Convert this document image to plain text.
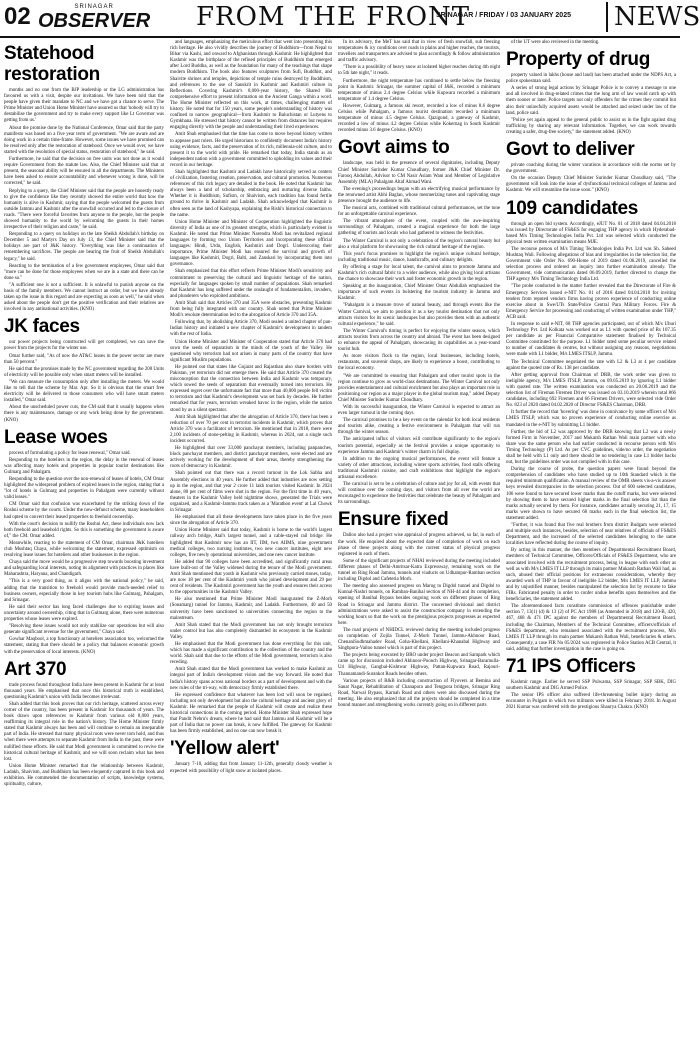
02	SRINAGAR
OBSERVER FROM THE FRONT
SRINAGAR / FRIDAY / 03 JANUARY 2025	NEWS
Statehood restoration

months and no one from the BJP leadership or the LG administration has favoured us with a visit, despite our invitations. We have been told that the people have given their mandate to NC and we have got a chance to serve. The Prime Minister and Union Home Minister have assured us that 'nobody will try to destabilise the government and try to make every support like Lt Governor was getting from us.'

About the promise done by the National Conference, Omar said that the party manifesto was based on a five year term of government. "We are aware and are doing work in a certain time-frame. However, some issues we have promised can be resolved only after the restoration of statehood. Once we would over, we have started with the resolution of special status, restoration of statehood," he said.

Furthermore, he said that the decision on free units was not done as it would require Government from the statute law. Also, the Chief Minister said that at present, the seasonal ability will be ensured in all the departments. The Ministers have been asked to ensure accountability and whenever wrong is done, will be corrected," he said.

Replying to a query, the Chief Minister said that the people are honestly ready to give the confidence like they recently showed the entire world that how the humanity is alive in Kashmir, saying that the people welcomed the guests from outside Jammu and Kashmir after the snowfall occurred and led to the closure of roads. "There were forceful favorites from anyone to the people, but the people showed humanity to the world by welcoming the guests in their homes irrespective of their religion and caste," he said.

Responding to a query on holidays on the late Sheikh Abdullah's birthday on December 5 and Martyrs Day on July 13, the Chief Minister said that the holidays are part of J&K history. "Everything was like a continuation of remembering sacrifices. The people are bearing the fruit of Sheikh Abdullah's legacy," he said.

Reacting to the termination of a few government employees, Omar said that "more can be done for those employees when we are in a state and there can be done so."

"A sufficient one is not a sufficient. It is unlawful to punish anyone on the basis of the family members. We cannot instruct an order, but we have already taken up the issue in this regard and are expecting as soon as well," he said when asked about the people don't get the positive verification and their relatives are involved in any antinational activities. (KNO)

JK faces

our power projects being constructed will get completed, we can save the power from the projects for the winter use.

Omar further said, "As of now the AT&C losses in the power sector are more than 50 percent."

He said that the promises made by the NC government regarding the 200 Units of electricity will be possible only when smart meters will be installed.

"We can measure the consumption only after installing the meters. We would like to tell that the scheme by Mar. Apr. So it is obvious that the smart free electricity will be delivered to those consumers who will have smart meters installed," Omar said.

About the unscheduled power cuts, the CM said that it usually happens when there is any maintenance, damage or any work being done by the government. (KNO)

Lease woes

process of formulating a policy for lease renewal," Omar said.

Responding to the hoteliers in the region, the delay in the renewal of leases was affecting many hotels and properties in popular tourist destinations like Gulmarg and Pahalgam.

Responding to the question over the non-renewal of leases of hotels, CM Omar highlighted the widespread problem of expired leases in the region, stating that a "lot of hotels in Gulmarg and properties in Pahalgam were currently without valid leases."

CM Omar said that confusion was exacerbated by the striking down of the Roshni scheme by the courts. Under the now-defunct scheme, many leaseholders had opted to convert their leased properties to freehold ownership.

With the court's decision to nullify the Roshni Act, these individuals now lack both freehold and leasehold rights. So this is something the government is aware of," the CM. Omar added.

Meanwhile, reacting to the statement of CM Omar, chairman J&K hoteliers club Mushtaq Chaya, while welcoming the statement, expressed optimism on resolving lease issues for hoteliers and other businesses in the region.

Chaya said the move would be a progressive step towards boosting investment and safeguarding local interests, noting its alignment with practices in places like Maharashtra, Haryana, and Chandigarh.

"This is a very good thing, as it aligns with the national policy," he said, adding that the transition to freehold would provide much-needed relief to business owners, especially those in key tourism hubs like Gulmarg, Pahalgam, and Srinagar.

He said their sector has long faced challenges due to expiring leases and uncertainty around ownership, citing that in Gulmarg alone, there were numerous properties whose leases were expired.

"Resolving these issues would not only stabilize our operations but will also generate significant revenue for the government," Chaya said.

Gowhar Maqbool, a top functionary at hoteliers association too, welcomed the statement, stating that there should be a policy that balances economic growth with the preservation of local interests. (KNO)

Art 370

trade process found throughout India have been present in Kashmir for at least thousand years. He emphasised that once this historical truth is established, questioning Kashmir's union with India becomes irrelevant.

Shah added that this book proves that our rich heritage, scattered across every corner of the country, has been present in Kashmir for thousands of years. The book draws upon references to Kashmir from various old 8,000 years, reaffirming its integral role in the nation's history. The Home Minister firmly stated that Kashmir always has been and will continue to remain an inseparable part of India. He stressed that many physical roots were never tom hold, and thus when there were attempts to separate Kashmir from India in the past, these were nullified those efforts. He said that Modi government is committed to revive the historical cultural heritage of Kashmir, and we will soon reclaim what has been lost.

Union Home Minister remarked that the relationship between Kashmir, Ladakh, Shaivism, and Buddhism has been eloquently captured in this book and exhibition. He commended the documentation of scripts, knowledge systems, spirituality, culture,

and languages, emphasizing the meticulous effort that went into presenting this rich heritage. He also vividly describes the journey of Buddhism—from Nepal to Bihar via Kashi, and onward to Afghanistan through Kashmir. He highlighted that Kashmir was the birthplace of the refined principles of Buddhism that emerged after Lord Buddha, as well as the foundation for many of the teachings that shape modern Buddhism. The book also features sculptures from Sufi, Buddhist, and Shaivite shrines and temples, depictions of temple ruins destroyed by Buddhism, and references to the use of Sanskrit in Kashmir and Kashmiri culture in Reflections. Covering Kashmir's 8,000-year history, the Shared His comprehensive effort to present information on the Ancient Ganga within a word. The Home Minister reflected on this work, at times, challenging matters of history. He noted that for 150 years, some people's understanding of history was confined to narrow geographical—from Kashmir to Baluchistan or Lutyens to Gymkhana. He stressed that history cannot be written from distances but requires engaging directly with the people and understanding their lived experiences.

Amit Shah emphasised that the time has come to move beyond history written to appease past rulers. He urged historians to confidently document India's history using evidence, facts, and the preservation of its rich, millennia-old culture, and to present it to the world with pride. He remarked that today, India stands as an independent nation with a government committed to upholding its values and their record in our heritage.

Shah highlighted that Kashmir and Ladakh have historically served as centers of civilization, fostering creation, preservation, and cultural promotion. Numerous references of this rich legacy are detailed in the book. He noted that Kashmir has always been a land of scholarship, embracing and nurturing diverse faiths. Whether it is Buddhism, Sufism, or Shaivism, each tradition has found fertile ground to thrive in Kashmir and Ladakh. Shah acknowledged that Kashmir is often seen as the land of Kashyapa, explaining the Rishi's historical connection to the name.

Union Home Minister and Minister of Cooperation highlighted the linguistic diversity of India as one of its greatest strengths, which is particularly evident in Kashmir. He noted that Prime Minister Narendra Modi has revitalized regional languages by forming two Union Territories and incorporating these official languages: Hindi, Urdu, English, Kashmiri and Dogri. Underscoring their importance, Prime Minister Modi has ensured the survival and growth of languages like Kashmiri, Dogri, Balti, and Zanskari by incorporating them into governance.

Shah emphasized that this effort reflects Prime Minister Modi's sensitivity and commitment to preserving the cultural and linguistic heritage of the nation, especially for languages spoken by small number of populations. Shah remarked that Kashmir has long suffered under the onslaught of fundamentalists, invaders, and plunderers who exploited ambitions.

Amit Shah said that Articles 370 and 35A were obstacles, preventing Kashmir from being fully integrated with our country. Shah noted that Prime Minister Modi's resolute determination led to the abrogation of Article 370 and 35A.

Following that, by abolishing Article 370, Modi sealed a united chapter of pan-Indian history and initiated a new chapter of Kashmir's development in tandem with the rest of India.

Union Home Minister and Minister of Cooperation stated that Article 370 had sown the seeds of separatism in the minds of the youth of the Valley. He questioned why terrorism had not arisen in many parts of the country that have significant Muslim populations.

He pointed out that states like Gujarat and Rajasthan also share borders with Pakistan, yet terrorism did not emerge there. He said that Article 370 created the misconception that the connection between India and Kashmir was temporary, which sowed the seeds of separatism that eventually turned into terrorism. He expressed regret over the unfortunate fact that more than 40,000 people fell victim to terrorism and that Kashmir's development was set back by decades. He further remarked that for years, terrorism wreaked havoc in the region, while the nation stood by as a silent spectator.

Amit Shah highlighted that after the abrogation of Article 370, there has been a reduction of over 70 per cent in terrorist incidents in Kashmir, which proves that Article 370 was a facilitator of terrorism. He mentioned that in 2018, there were 2,100 incidents of stone-pelting in Kashmir, whereas in 2024, not a single such incident occurred.

He highlighted that over 33,000 panchayat members, including panpanches, block panchayat members, and district panchayat members, were elected and are actively working for the development of their areas, thereby strengthening the roots of democracy in Kashmir.

Shah pointed out that there was a record turnout in the Lok Sabha and Assembly elections in 40 years. He further added that industries are now setting up in the region, and that year 2 crore 11 lakh tourists visited Kashmir. In 2024 alone, 80 per cent of films were shot in the region. For the first time in 40 years, theaters in the Kashmir Valley held nighttime shows, generated the Trials were organized, and a Kashmir-Jammu track taken as a 'Marathon event' at Lal Chowk in Srinagar.

He emphasised that all these developments have taken place in the five years since the abrogation of Article 370.

Union Home Minister said that today, Kashmir is home to the world's largest railway arch bridge, Atal's largest tunnel, and a cable-stayed rail bridge. He highlighted that Kashmir now has an IIT, IIM, two AIIMS, nine government medical colleges, two nursing institutes, two new cancer institutes, eight new colleges, five newly operational universities, and one new cancer institute.

He added that 90 colleges have been accredited, and significantly rural areas have built-out of the Valley widened during the tenure of the Modi government. Amit Shah mentioned that youth in Kashmir who previously carried stones, today, are now 18 per cent of the Kashmiri youth who joined development and 29 per cent of residents. The Kashmiri government has the youth and ensures their access to the opportunities in the Kashmir Valley.

He also mentioned that Prime Minister Modi inaugurated the Z-Morh (Sonamarg) tunnel for Jammu, Kashmir, and Ladakh. Furthermore, 40 and 50 university have been sanctioned to universities connecting the region to the mainstream.

Amit Shah stated that the Modi government has not only brought terrorism under control but has also completely dismantled its ecosystem in the Kashmir Valley.

He emphasised that the Modi government has done everything for this unit, which has made a significant contribution to the collection of the country and the world. Shah said that due to the efforts of the Modi government, terrorism is also receding.

Amit Shah stated that the Modi government has worked to make Kashmir an integral part of India's development vision and the way forward. He noted that India's history spans across national borders as a part of development and with the new rules of the tri-way, with democracy firmly established there.

He expressed confidence that whatever has been lost will soon be regained, including not only development but also the cultural heritage and ancient glory of Kashmir. He remarked that the people of Kashmir will create and realize these historical connections in the coming period. Home Minister Shah expressed hope that Pandit Nehru's dream, where he had said that Jammu and Kashmir will be a part of India that no power can break, is now fulfilled. The gateway for Kashmir has been firmly established, and no one can now break it.

'Yellow alert'

January 7-10, adding that from January 11-12th, generally cloudy weather is expected with possibility of light snow at isolated places.

In its advisory, the MeT has said that in view of fresh snowfall, sub freezing temperatures & icy conditions over roads in plains and higher reaches, the tourists, travellers and transporters are advised to plan accordingly & follow administration and traffic advisory.

"There is a possibility of heavy snow at isolated higher reaches during 4th night to 5th late night," it reads.

Furthermore, the night temperature has continued to settle below the freezing point in Kashmir. Srinagar, the summer capital of J&K, recorded a minimum temperature of minus 2.4 degree Celsius while Kupwara recorded a minimum temperature of 1.4 degree Celsius.

However, Gulmarg, a famous ski resort, recorded a low of minus 8.6 degree Celsius while Pahalgam, a famous tourist destination recorded a minimum temperature of minus 4.5 degree Celsius. Qazigund, a gateway of Kashmir, recorded a low of minus 4.2 degree Celsius while Kokernag in South Kashmir recorded minus 3.6 degree Celsius. (KNO)

Govt aims to

landscape, was held in the presence of several dignitaries, including Deputy Chief Minister Surinder Kumar Choudhary, former J&K Chief Minister Dr. Farooq Abdullah, Advisor to CM Nasir Aslam Wani and Member of Legislative Assembly (MLA) Pahalgam Altaf Ahmad Wani.

The evening's proceedings began with an electrifying musical performance by the renowned artist Abhi Baglan, whose mesmerizing tunes and captivating stage presence brought the audience to life.

The musical acts, combined with traditional cultural performances, set the tone for an unforgettable carnival experience.

The vibrant atmosphere of the event, coupled with the awe-inspiring surroundings of Pahalgam, created a magical experience for both the large gathering of tourists and locals who had gathered to witness the festivities.

The Winter Carnival is not only a celebration of the region's natural beauty but also a vital platform for showcasing the rich cultural heritage of the region.

This year's focus promises to highlight the region's unique cultural heritage, including traditional music, dance, handicrafts, and culinary delights.

By offering a stage for local talent, the carnival aims to promote Jammu and Kashmir's rich cultural fabric to a wider audience, while also giving local artisans the chance to showcase their work and foster economic growth in the region.

Speaking at the inauguration, Chief Minister Omar Abdullah emphasized the importance of such events in bolstering the tourism industry in Jammu and Kashmir.

"Pahalgam is a treasure trove of natural beauty, and through events like the Winter Carnival, we aim to position it as a key tourist destination that not only attracts visitors for its scenic landscapes but also provides them with an authentic cultural experience," he said.

The Winter Carnival's timing is perfect for enjoying the winter season, which attracts tourists from across the country and abroad. The event has been designed to enhance the appeal of Pahalgam, showcasing its capabilities as a year-round tourist hub.

As more visitors flock to the region, local businesses, including hotels, restaurants, and souvenir shops, are likely to experience a boost, contributing to the local economy.

"We are committed to ensuring that Pahalgam and other tourist spots in the region continue to grow as world-class destinations. The Winter Carnival not only provides entertainment and cultural enrichment but also plays an important role in positioning our region as a major player in the global tourism map," added Deputy Chief Minister Surinder Kumar Choudhary.

With its successful inauguration, the Winter Carnival is expected to attract an even larger turnout in the coming days.

The carnival promises to be a key event on the calendar for both local residents and tourists alike, creating a festive environment in Pahalgam that will run through the winter season.

The anticipated influx of visitors will contribute significantly to the region's tourism potential, especially as the festival provides a unique opportunity to experience Jammu and Kashmir's winter charm in full display.

In addition to the ongoing musical performances, the event will feature a variety of other attractions, including winter sports activities, food stalls offering traditional Kashmiri cuisine, and craft exhibitions that highlight the region's artisanal excellence.

The carnival is set to be a celebration of culture and joy for all, with events that will continue over the coming days, and visitors from all over the world are encouraged to experience the festivities that celebrate the beauty of Pahalgam and its surroundings.

Ensure fixed

Dalloo also had a project wise appraisal of progress achieved, so far, in each of the work. He enquired about the expected date of completion of work on each phase of these projects along with the current status of physical progress registered in each of them.

Some of the significant projects of NHAI reviewed during the meeting included different phases of Delhi-Amritsar-Katra Expressway, remaining work on the tunnel on Ring Road Jammu, tunnels and viaducts on Udhampur-Ramban section including Digdol and Cafeteria Morh.

The meeting also assessed progress on Marog to Digdol tunnel and Digdol to Kunnal-Nashri tunnels, on Ramban-Banihal section of NH-44 and its completion, opening of Banihal Bypass besides ongoing work on different phases of Ring Road in Srinagar and Jammu district. The concerned divisional and district administrations were asked to assist the construction company in extending the working hours so that the work on the prestigious projects progresses as expected here.

The road projects of NHIDCL reviewed during the meeting included progress on completion of Zojila Tunnel, Z-Morh Tunnel, Jammu-Akhnoor Road, ChenaniSudhmahadev Road, Goha-Khellani, Khellani-Khanabal Highway and Singhpora-Vailoo tunnel which is part of this project.

The projects being executed by BRO under project Beacon and Sampark which came up for discussion included Akhnoor-Poonch Highway, Srinagar-Baramulla-Uri Highway, Gangbal-Kishtwar Highway, Pattan-Kupwara Road, Rajouri-Thannamandi-Surankot Roads besides others.

Various projects of R&B including construction of Flyovers at Bemina and Sanat Nagar, Rehabilitation of Chanapora and Tengpora bridges, Srinagar Ring Road, Narwal Bypass, Karnah Road and others were also discussed during the meeting. He also emphasized that all the projects should be completed in a time bound manner and strengthening works currently going on in different parts

of the UT were also reviewed in the meeting.

Property of drug

property valued in lakhs (house and land) has been attached under the NDPS Act, a police spokesman said.

A series of strong legal actions by Srinagar Police is to convey a message to one and all involved in drug-related crimes that the long arm of law would catch up with them sooner or later. Police targets not only offenders for the crimes they commit but also their unlawfully acquired assets would be attached and seized under law of the land, police said.

"Police yet again appeal to the general public to assist us in the fight against drug trafficking by sharing any relevant information. Together, we can work towards creating a safer, drug-free society," the statement added. (KNO)

Govt to deliver

private coaching during the winter vacations in accordance with the norms set by the government.

On the occasion Deputy Chief Minister Surinder Kumar Choudhary said, "The government will look into the issue of dysfunctional technical colleges of Jammu and Kashmir. We will streamline the issue soon." (KNO)

109 candidates

through an open bid system. Accordingly, eJUT No. 01 of 2018 dated 04.04.2018 was issued by Directorate of FS&ES for engaging THP agency in which Hyderabad-based M/s Timing Technologies India Pvt. Ltd was selected which conducted the physical tests written examination means MJE.

The recourse person of M/s Timing Technologies India Pvt. Ltd was Sh. Saheed Mushtaq Wali. Following allegations of bias and irregularities in the selection list, the Government vide Order No. 690-Home of 2019 dated 01.06.2019, cancelled the selection process and ordered an inquiry into further examination already. The Government, vide communication dated 06.09.2019, further directed to change the THP agency M/s Timing Technology India Ltd.

"The probe conducted in the matter further revealed that the Directorate of Fire & Emergency Services issued e-NIT No. 01 of 2018 dated 04.04.2018 for inviting tenders from reputed vendors firms having proven experience of conducting online exercise about in Swe/UTs State/Police Central Para Military Forces. Fire & Emergency Service for processing and conducting of written examination under THP," ACB said.

In response to said e-NIT, 68 THP agencies participated, out of which M/s Uhuri Technology Pvt. Ltd Kolkata was worked out as L1 with quoted price of Rs 107.35 per candidate as per Financial Comparative statement finalised by Technical Committee constituted for the purpose. L1 bidder rated some peculiar service related to number of candidates & centres, but without assigning any reasons, negotiations were made with L1 bidder, M/s LMES ITSLP, Jammu.

The Technical Committee negotiated the rate with L2 & L3 at 4 per candidate against the quoted rate of Rs. 138 per candidate.

After getting approval from Chairman of DRB, the work order was given to ineligible agency, M/s LMES ITSLP, Jammu, on 09.05.2019 by ignoring L1 bidder with quoted rate. The written examination was conducted on 20.06.2019 and the selection list of Fireman Firemen Driver was issued on 03.10.2019 wherein total 866 candidates, including 692 Firemen and 66 Firemen Drivers, were selected vide Order No. 823 of 2020 dated 04.02.2020 of Director FS&ES Chairman, DRB.

It further the record that 'hovering' was done in connivance by some officers of M/s LMES ITSLP, which was no proven experience of conducting online exercise as mandated in the e-NIT by submitting L1 bidder.

Further, the bid of L2 was approved by the DRB knowing that L2 was a newly formed Firm in November, 2017 and Mukarsh Rathan Wali main partner with who share was the same person who had earlier conducted in recourse person with M/s Timing Technology (P) Ltd. As per CVC guidelines, vide/no order, the negotiation shall be held with L1 only and there should be no tendering in case L1 bidder backs out, but the guidelines order was not complied with in this case.

During the course of probe, the question papers were found beyond the comprehension of candidates who have studied up to 10th Standard which is the required minimum qualification. A manual review of the OMR sheets vis-a-vis answer keys revealed discrepancies in the selection process. Out of 600 selected candidates, 106 were found to have secured lower marks than the cutoff marks, but were selected by showing them to have secured higher marks in the final selection list than the marks actually secured by them. For instance, candidates actually securing 21, 17, 15 marks were shown to have secured 68 marks each in the final selection list, the statement added.

"Further, it was found that five real brothers from district Budgam were selected and multiple such instances, besides, selection of near relatives of officials of FS&ES Department, and the increased of the selected candidates belonging to the same localities have reflected during the course of inquiry.

By acting in this manner, the then members of Departmental Recruitment Board, members of Technical Committee, Officers/Officials of FS&ES Department, who are associated involved with the recruitment process, being in league with each other as well as with M/s LMES IT LLP through its main partner Mukarsh Rathan Wali had, as such, abused their official positions for extraneous considerations, whereby they awarded work of THP in favour of ineligible L2 bidder, M/s LMES IT LLP, Jammu and by unjustified manner, besides manipulated the selection list by recourse to fake FIRs. Fabricated penalty in order to confer undue benefits upon themselves and the beneficiaries, the statement added.

The aforementioned facts constitute commission of offences punishable under section 7, 13(1) (d) & 13 (2) of PC Act 1988 (as Amended in 2018) and 120-B, 420, 467, 468 & 471 IPC against the members of Departmental Recruitment Board, including the Chairman, Members of the Technical Committee, officers/officials of FS&ES department, who remained associated with the recruitment process, M/s LMES IT LLP through its main partner Mukarsh Rathan Wali, beneficiaries & others. Consequently, a case FIR No 05/2024 was registered in Police Station ACB Central, it said, adding that further investigation in the case is going on.

71 IPS Officers

Kashmir range. Earlier he served SSP Pulwama, SSP Srinagar, SSP SBK, DIG southern Kashmir and DIG Armed Police.

The senior IPS officer also suffered life-threatening bullet injury during an encounter in Pulgam in which two militants were killed in February 2018. In August 2021 Kumar was conferred with the prestigious Shaurya Chakra. (KNO)
